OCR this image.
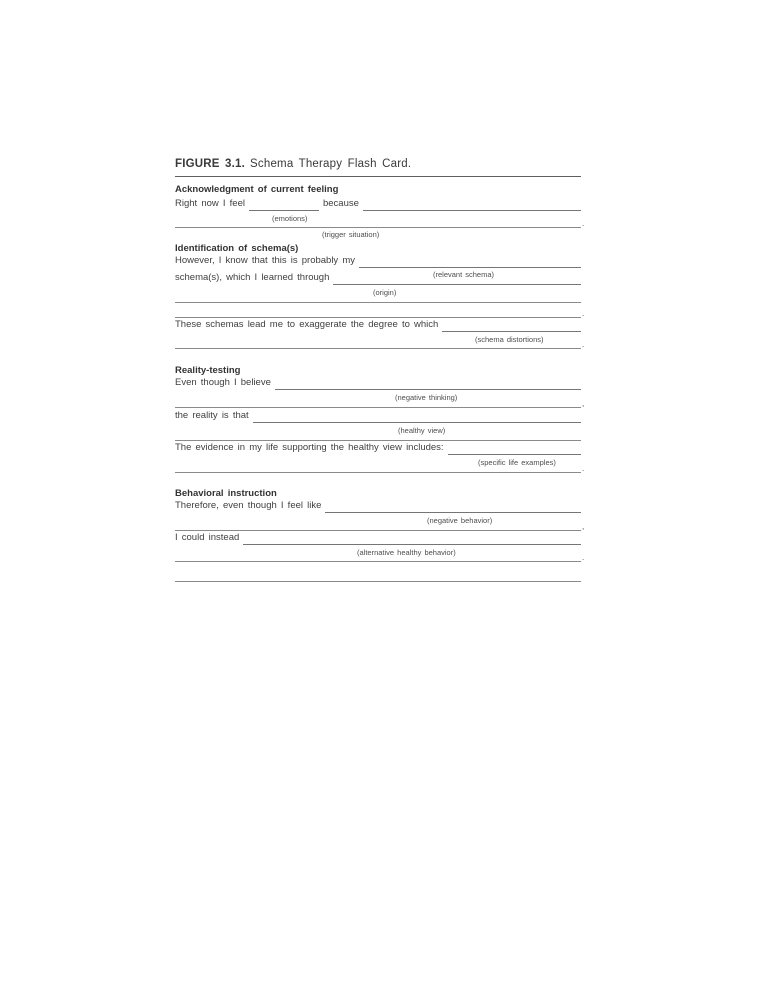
FIGURE 3.1. Schema Therapy Flash Card.
Acknowledgment of current feeling
Right now I feel	because
(emotions)
.
(trigger situation)
Identification of schema(s)
However, I know that this is probably my
(relevant schema)
schema(s), which I learned through
(origin)
.
These schemas lead me to exaggerate the degree to which
(schema distortions)
.
Reality-testing
Even though I believe
(negative thinking)
,
the reality is that
(healthy view)
The evidence in my life supporting the healthy view includes:
(specific life examples)
.
Behavioral instruction
Therefore, even though I feel like
(negative behavior)
,
I could instead
(alternative healthy behavior)
.
